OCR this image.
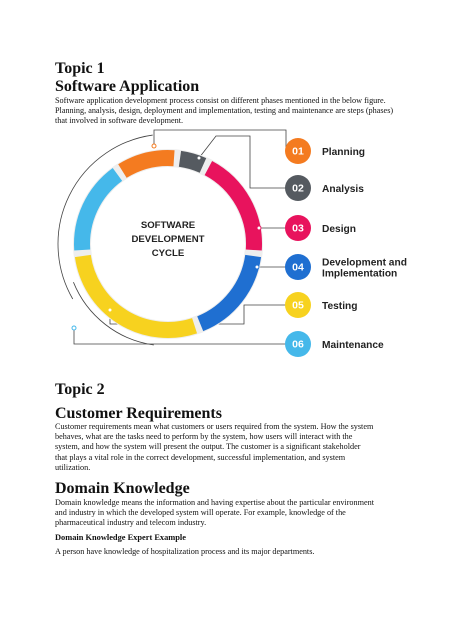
Topic 1
Software Application
Software application development process consist on different phases mentioned in the below figure.
Planning, analysis, design, deployment and implementation, testing and maintenance are steps (phases)
that involved in software development.
SOFTWARE
DEVELOPMENT
CYCLE
01 Planning
02 Analysis
03 Design
04 Development and
Implementation
05 Testing
06 Maintenance
Topic 2
Customer Requirements
Customer requirements mean what customers or users required from the system. How the system
behaves, what are the tasks need to perform by the system, how users will interact with the
system, and how the system will present the output. The customer is a significant stakeholder
that plays a vital role in the correct development, successful implementation, and system
utilization.
Domain Knowledge
Domain knowledge means the information and having expertise about the particular environment
and industry in which the developed system will operate. For example, knowledge of the
pharmaceutical industry and telecom industry.
Domain Knowledge Expert Example
A person have knowledge of hospitalization process and its major departments.
